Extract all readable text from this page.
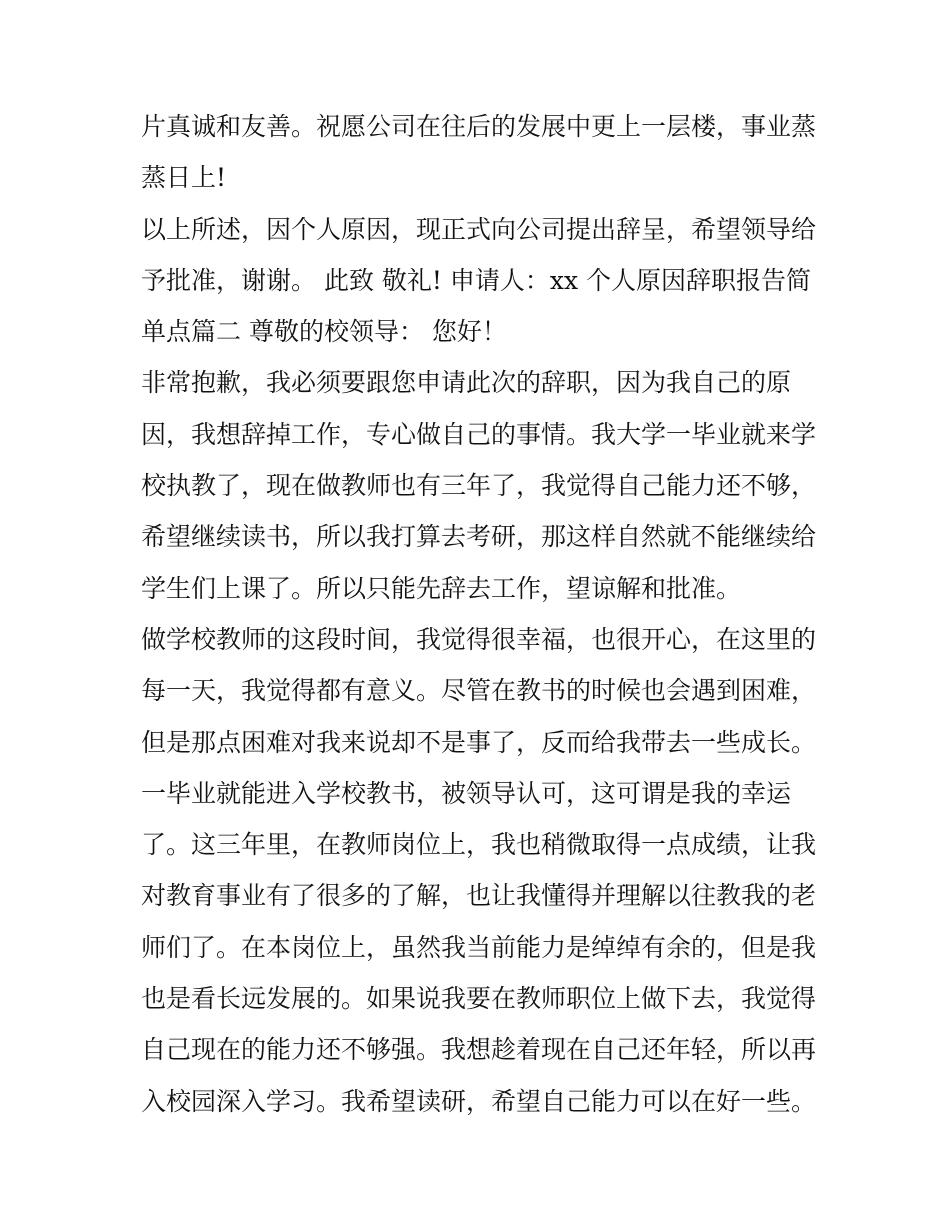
片真诚和友善。祝愿公司在往后的发展中更上一层楼，事业蒸
蒸日上!
以上所述，因个人原因，现正式向公司提出辞呈，希望领导给
予批准，谢谢。 此致 敬礼! 申请人：xx 个人原因辞职报告简
单点篇二 尊敬的校领导： 您好！
非常抱歉，我必须要跟您申请此次的辞职，因为我自己的原
因，我想辞掉工作，专心做自己的事情。我大学一毕业就来学
校执教了，现在做教师也有三年了，我觉得自己能力还不够，
希望继续读书，所以我打算去考研，那这样自然就不能继续给
学生们上课了。所以只能先辞去工作，望谅解和批准。
做学校教师的这段时间，我觉得很幸福，也很开心，在这里的
每一天，我觉得都有意义。尽管在教书的时候也会遇到困难，
但是那点困难对我来说却不是事了，反而给我带去一些成长。
一毕业就能进入学校教书，被领导认可，这可谓是我的幸运
了。这三年里，在教师岗位上，我也稍微取得一点成绩，让我
对教育事业有了很多的了解，也让我懂得并理解以往教我的老
师们了。在本岗位上，虽然我当前能力是绰绰有余的，但是我
也是看长远发展的。如果说我要在教师职位上做下去，我觉得
自己现在的能力还不够强。我想趁着现在自己还年轻，所以再
入校园深入学习。我希望读研，希望自己能力可以在好一些。
